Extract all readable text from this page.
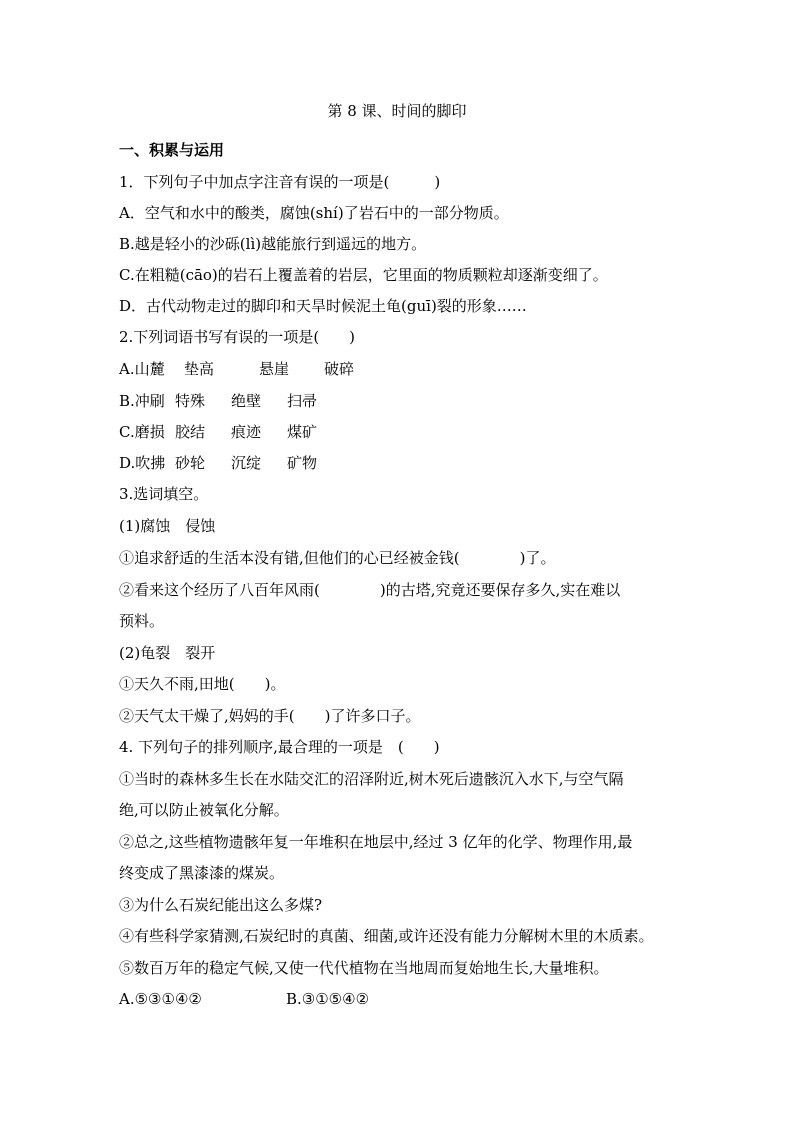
第 8 课、时间的脚印
一、积累与运用
1．下列句子中加点字注音有误的一项是(　　　)
A．空气和水中的酸类，腐蚀(shí)了岩石中的一部分物质。
B.越是轻小的沙砾(lì)越能旅行到遥远的地方。
C.在粗糙(cāo)的岩石上覆盖着的岩层，它里面的物质颗粒却逐渐变细了。
D．古代动物走过的脚印和天旱时候泥土龟(guī)裂的形象……
2.下列词语书写有误的一项是(　　)

A.山麓

垫高

	悬崖

破碎

B.冲刷

特殊

绝壁

扫帚

C.磨损

胶结

痕迹

煤矿

D.吹拂

砂轮

沉绽

矿物

3.选词填空。
(1)腐蚀　侵蚀
①追求舒适的生活本没有错,但他们的心已经被金钱(　　　　)了。
②看来这个经历了八百年风雨(　　　　)的古塔,究竟还要保存多久,实在难以
预料。
(2)龟裂　裂开
①天久不雨,田地(　　)。
②天气太干燥了,妈妈的手(　　)了许多口子。
4. 下列句子的排列顺序,最合理的一项是　(　　)
①当时的森林多生长在水陆交汇的沼泽附近,树木死后遗骸沉入水下,与空气隔
绝,可以防止被氧化分解。
②总之,这些植物遗骸年复一年堆积在地层中,经过 3 亿年的化学、物理作用,最
终变成了黑漆漆的煤炭。
③为什么石炭纪能出这么多煤?
④有些科学家猜测,石炭纪时的真菌、细菌,或许还没有能力分解树木里的木质素。
⑤数百万年的稳定气候,又使一代代植物在当地周而复始地生长,大量堆积。

A.⑤③①④②

	B.③①⑤④②
